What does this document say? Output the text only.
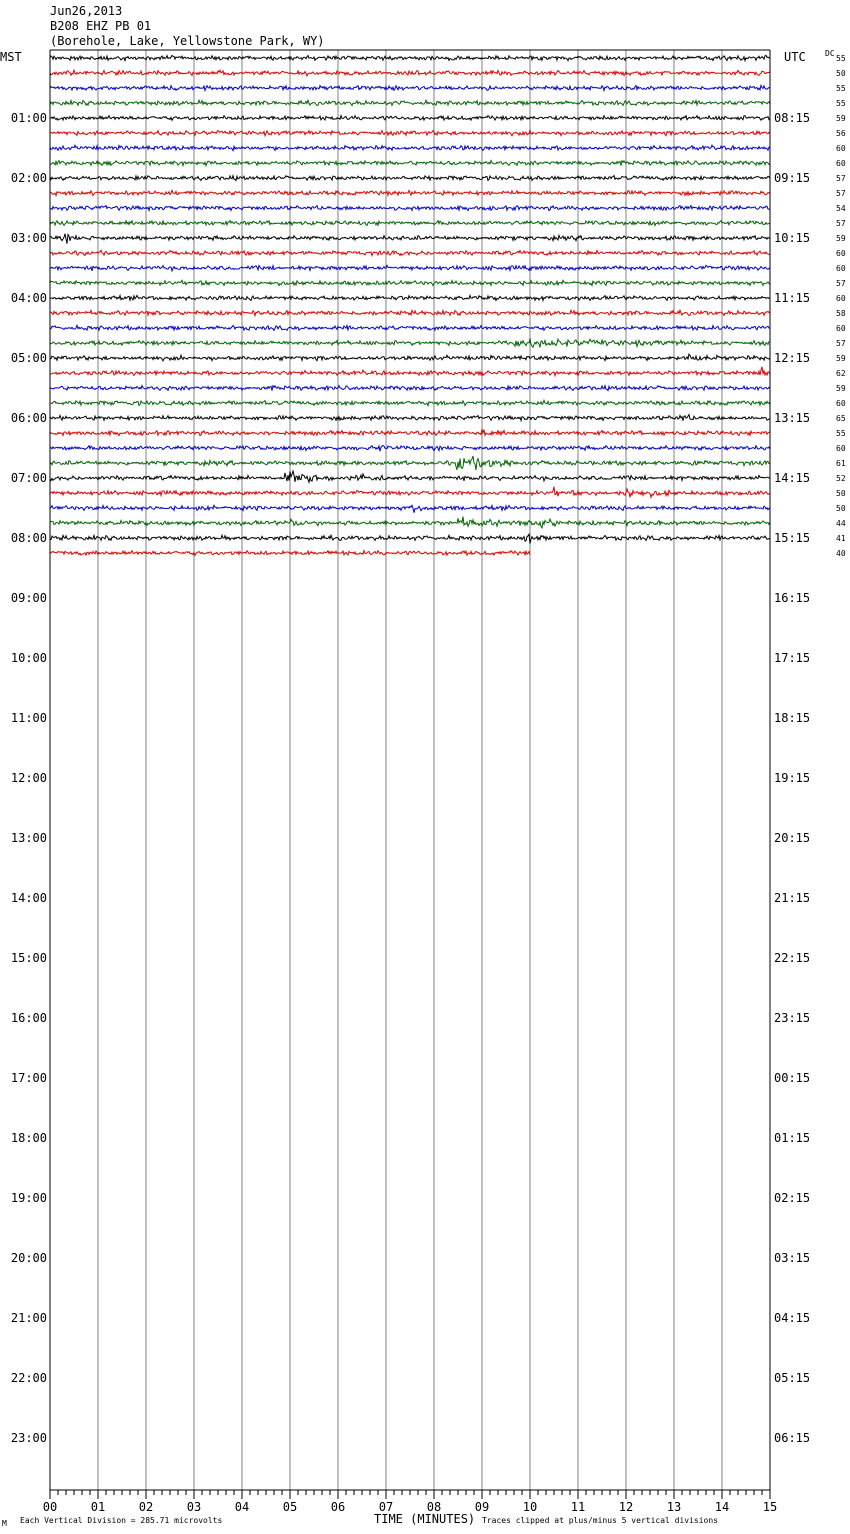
Jun26,2013
B208 EHZ PB 01
(Borehole, Lake, Yellowstone Park, WY)
MST	UTC DC
M Each Vertical Division = 285.71 microvolts	TIME (MINUTES) Traces clipped at plus/minus 5 vertical divisions
00	01	02	03	04	05	06	07	08	09	10	11	12	13	14	15
01:00	08:15
02:00	09:15
03:00	10:15
04:00	11:15
05:00	12:15
06:00	13:15
07:00	14:15
08:00	15:15
09:00	16:15
10:00	17:15
11:00	18:15
12:00	19:15
13:00	20:15
14:00	21:15
15:00	22:15
16:00	23:15
17:00	00:15
18:00	01:15
19:00	02:15
20:00	03:15
21:00	04:15
22:00	05:15
23:00	06:15
55
50
55
55
59
56
60
60
57
57
54
57
59
60
60
57
60
58
60
57
59
62
59
60
65
55
60
61
52
50
50
44
41
40
